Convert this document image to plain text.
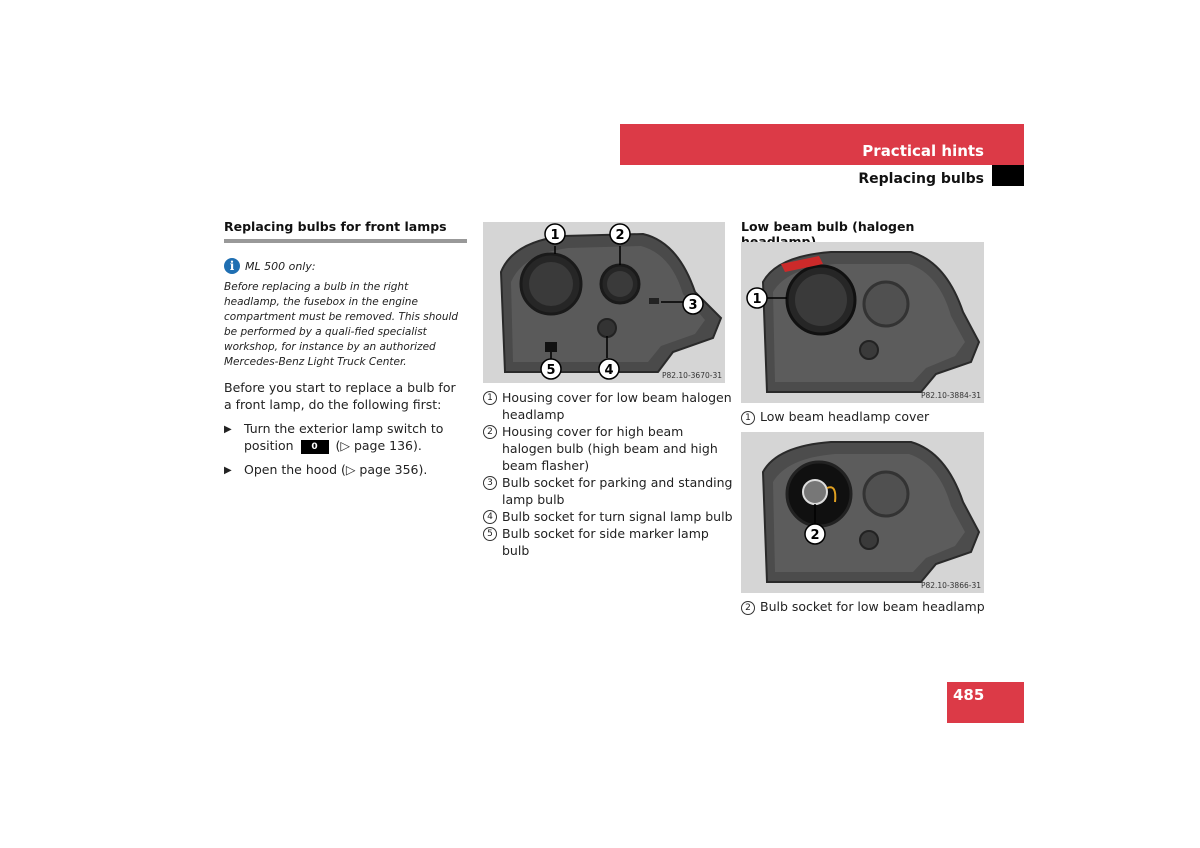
Practical hints
Replacing bulbs
Replacing bulbs for front lamps
i ML 500 only:
Before replacing a bulb in the right headlamp, the fusebox in the engine compartment must be removed. This should be performed by a quali-fied specialist workshop, for instance by an authorized Mercedes-Benz Light Truck Center.
Before you start to replace a bulb for a front lamp, do the following first:
▶ Turn the exterior lamp switch to position 0 (▷ page 136).
▶ Open the hood (▷ page 356).
1	2
3
4
5	P82.10-3670-31
1 Housing cover for low beam halogen headlamp
2 Housing cover for high beam halogen bulb (high beam and high beam flasher)
3 Bulb socket for parking and standing lamp bulb
4 Bulb socket for turn signal lamp bulb
5 Bulb socket for side marker lamp bulb
Low beam bulb (halogen
1
P82.10-3884-31
1 Low beam headlamp cover
2
P82.10-3866-31
2 Bulb socket for low beam headlamp
485
